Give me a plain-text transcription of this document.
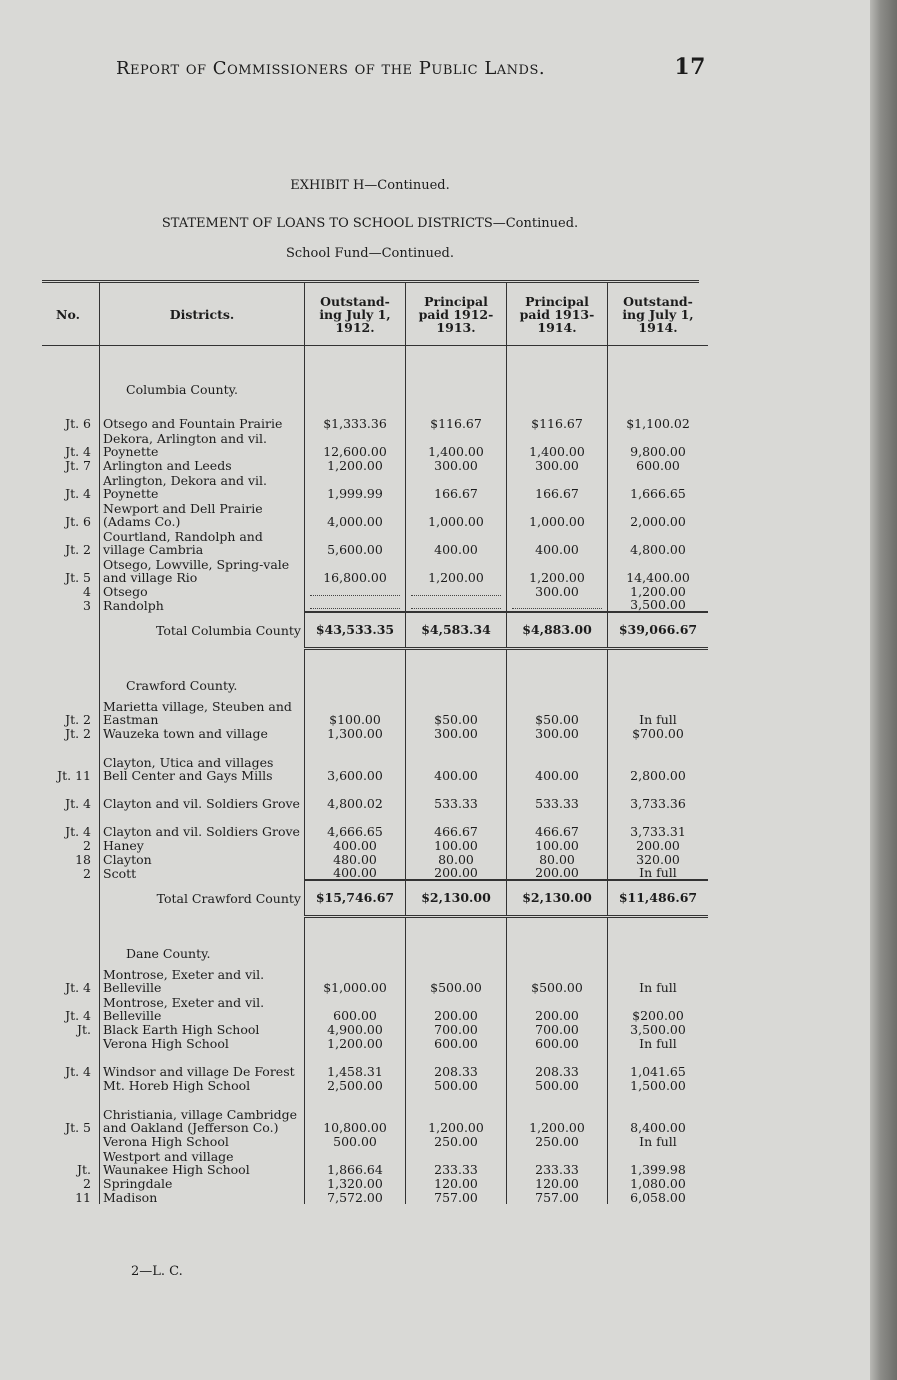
Report of Commissioners of the Public Lands.	17
EXHIBIT H—Continued.
STATEMENT OF LOANS TO SCHOOL DISTRICTS—Continued.
School Fund—Continued.
No.	Districts.	Outstand- ing July 1, 1912.	Principal paid 1912-1913.	Principal paid 1913-1914.	Outstand- ing July 1, 1914.
	Columbia County.				
Jt. 6	Otsego and Fountain Prairie	$1,333.36	$116.67	$116.67	$1,100.02
Jt. 4	Dekora, Arlington and vil. Poynette	12,600.00	1,400.00	1,400.00	9,800.00
Jt. 7	Arlington and Leeds	1,200.00	300.00	300.00	600.00
Jt. 4	Arlington, Dekora and vil. Poynette	1,999.99	166.67	166.67	1,666.65
Jt. 6	Newport and Dell Prairie (Adams Co.)	4,000.00	1,000.00	1,000.00	2,000.00
Jt. 2	Courtland, Randolph and village Cambria	5,600.00	400.00	400.00	4,800.00
Jt. 5	Otsego, Lowville, Spring-vale and village Rio	16,800.00	1,200.00	1,200.00	14,400.00
4	Otsego			300.00	1,200.00
3	Randolph				3,500.00
	Total Columbia County	$43,533.35	$4,583.34	$4,883.00	$39,066.67
	Crawford County.				
Jt. 2	Marietta village, Steuben and Eastman	$100.00	$50.00	$50.00	In full
Jt. 2	Wauzeka town and village	1,300.00	300.00	300.00	$700.00
Jt. 11	Clayton, Utica and villages Bell Center and Gays Mills	3,600.00	400.00	400.00	2,800.00
Jt. 4	Clayton and vil. Soldiers Grove	4,800.02	533.33	533.33	3,733.36
Jt. 4	Clayton and vil. Soldiers Grove	4,666.65	466.67	466.67	3,733.31
2	Haney	400.00	100.00	100.00	200.00
18	Clayton	480.00	80.00	80.00	320.00
2	Scott	400.00	200.00	200.00	In full
	Total Crawford County	$15,746.67	$2,130.00	$2,130.00	$11,486.67
	Dane County.				
Jt. 4	Montrose, Exeter and vil. Belleville	$1,000.00	$500.00	$500.00	In full
Jt. 4	Montrose, Exeter and vil. Belleville	600.00	200.00	200.00	$200.00
Jt.	Black Earth High School	4,900.00	700.00	700.00	3,500.00
	Verona High School	1,200.00	600.00	600.00	In full
Jt. 4	Windsor and village De Forest	1,458.31	208.33	208.33	1,041.65
	Mt. Horeb High School	2,500.00	500.00	500.00	1,500.00
Jt. 5	Christiania, village Cambridge and Oakland (Jefferson Co.)	10,800.00	1,200.00	1,200.00	8,400.00
	Verona High School	500.00	250.00	250.00	In full
Jt.	Westport and village Waunakee High School	1,866.64	233.33	233.33	1,399.98
2	Springdale	1,320.00	120.00	120.00	1,080.00
11	Madison	7,572.00	757.00	757.00	6,058.00
2—L. C.
